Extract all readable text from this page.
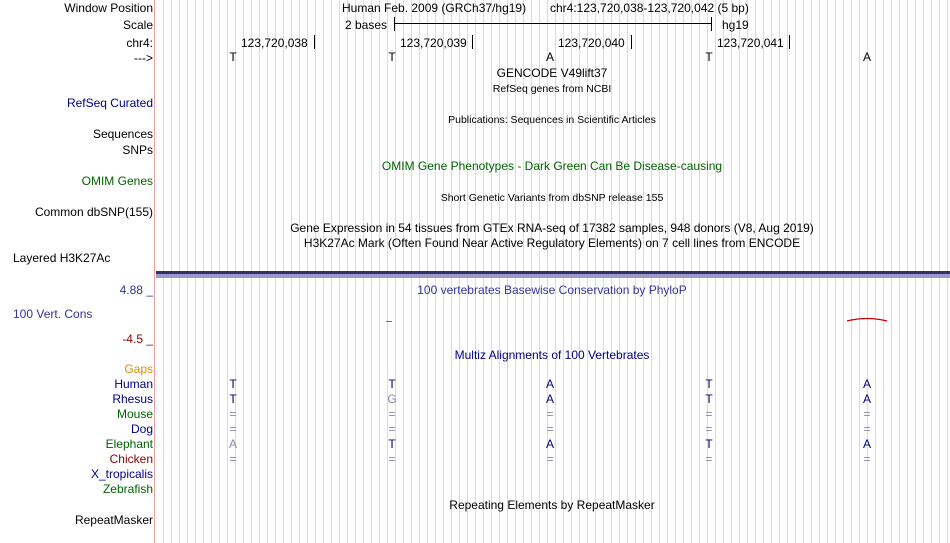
Window Position
Scale
chr4:
--->
Human Feb. 2009 (GRCh37/hg19) chr4:123,720,038-123,720,042 (5 bp)
2 bases	hg19
123,720,038	123,720,039	123,720,040	123,720,041
T	T	A	T	A
GENCODE V49lift37
RefSeq genes from NCBI
RefSeq Curated
Publications: Sequences in Scientific Articles
Sequences
SNPs
OMIM Gene Phenotypes - Dark Green Can Be Disease-causing
OMIM Genes
Short Genetic Variants from dbSNP release 155
Common dbSNP(155)
Gene Expression in 54 tissues from GTEx RNA-seq of 17382 samples, 948 donors (V8, Aug 2019)
H3K27Ac Mark (Often Found Near Active Regulatory Elements) on 7 cell lines from ENCODE
Layered H3K27Ac
4.88 _	100 vertebrates Basewise Conservation by PhyloP
100 Vert. Cons
-4.5 _
Multiz Alignments of 100 Vertebrates
Gaps
Human	T	T	A	T	A
Rhesus	T	G	A	T	A
Mouse	=	=	=	=	=
Dog	=	=	=	=	=
Elephant	A	T	A	T	A
Chicken	=	=	=	=	=
X_tropicalis
Zebrafish
Repeating Elements by RepeatMasker
RepeatMasker
